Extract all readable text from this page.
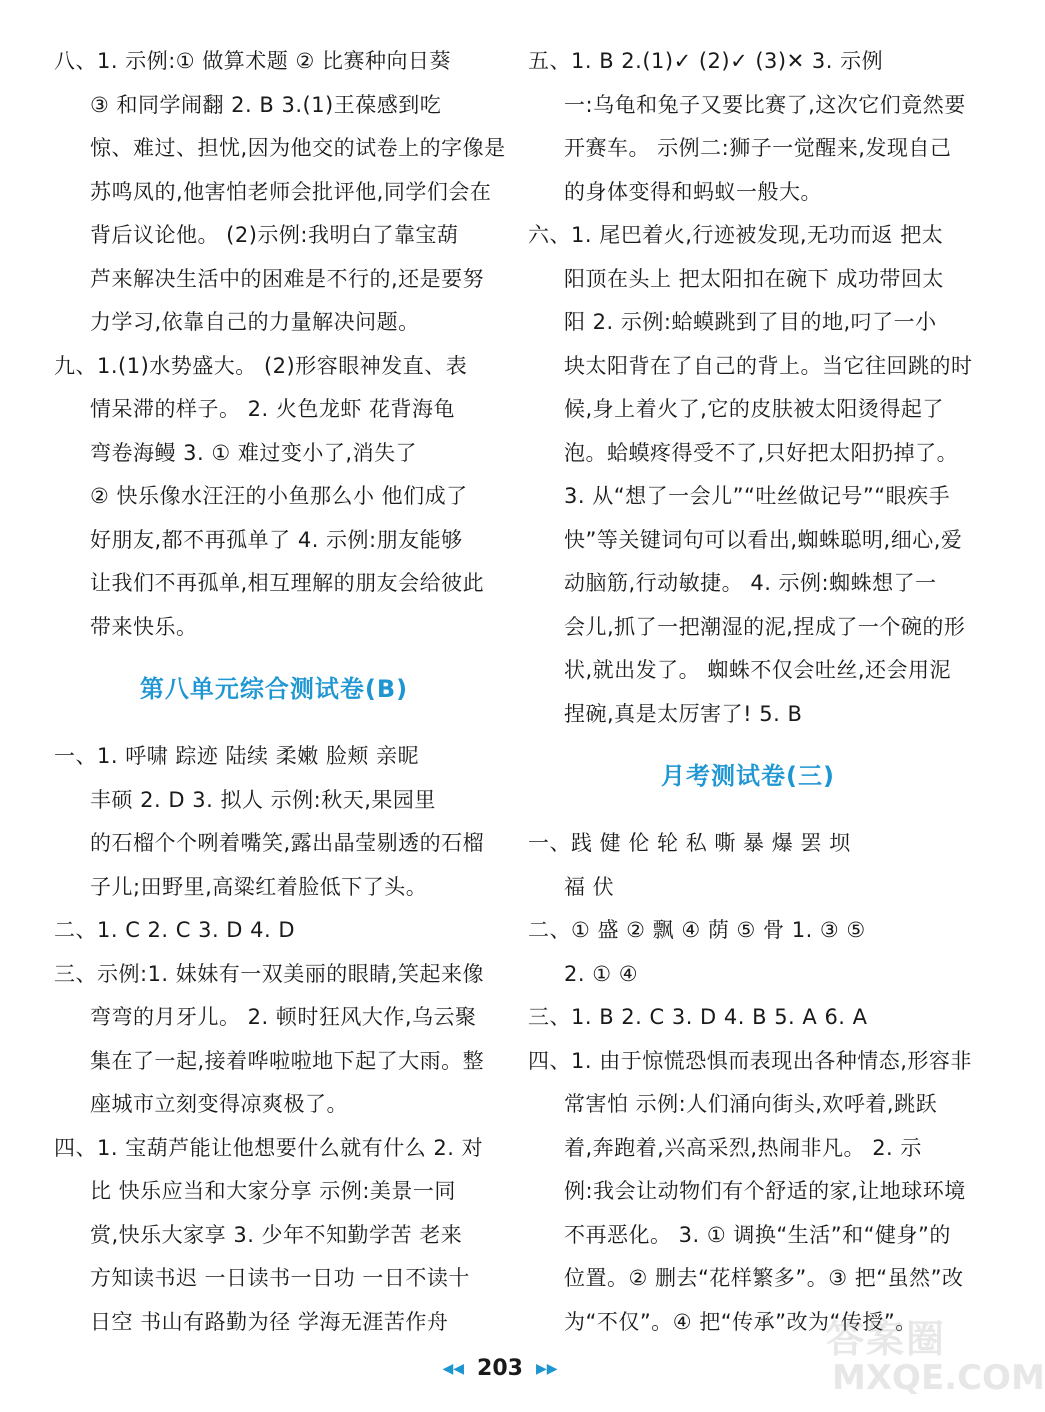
八、1. 示例:① 做算术题 ② 比赛种向日葵
③ 和同学闹翻 2. B 3.(1)王葆感到吃
惊、难过、担忧,因为他交的试卷上的字像是
苏鸣凤的,他害怕老师会批评他,同学们会在
背后议论他。 (2)示例:我明白了靠宝葫
芦来解决生活中的困难是不行的,还是要努
力学习,依靠自己的力量解决问题。
九、1.(1)水势盛大。 (2)形容眼神发直、表
情呆滞的样子。 2. 火色龙虾 花背海龟
弯卷海鳗 3. ① 难过变小了,消失了
② 快乐像水汪汪的小鱼那么小 他们成了
好朋友,都不再孤单了 4. 示例:朋友能够
让我们不再孤单,相互理解的朋友会给彼此
带来快乐。
第八单元综合测试卷(B)
一、1. 呼啸 踪迹 陆续 柔嫩 脸颊 亲昵
丰硕 2. D 3. 拟人 示例:秋天,果园里
的石榴个个咧着嘴笑,露出晶莹剔透的石榴
子儿;田野里,高粱红着脸低下了头。
二、1. C 2. C 3. D 4. D
三、示例:1. 妹妹有一双美丽的眼睛,笑起来像
弯弯的月牙儿。 2. 顿时狂风大作,乌云聚
集在了一起,接着哗啦啦地下起了大雨。整
座城市立刻变得凉爽极了。
四、1. 宝葫芦能让他想要什么就有什么 2. 对
比 快乐应当和大家分享 示例:美景一同
赏,快乐大家享 3. 少年不知勤学苦 老来
方知读书迟 一日读书一日功 一日不读十
日空 书山有路勤为径 学海无涯苦作舟
五、1. B 2.(1)✓ (2)✓ (3)✕ 3. 示例
一:乌龟和兔子又要比赛了,这次它们竟然要
开赛车。 示例二:狮子一觉醒来,发现自己
的身体变得和蚂蚁一般大。
六、1. 尾巴着火,行迹被发现,无功而返 把太
阳顶在头上 把太阳扣在碗下 成功带回太
阳 2. 示例:蛤蟆跳到了目的地,叼了一小
块太阳背在了自己的背上。当它往回跳的时
候,身上着火了,它的皮肤被太阳烫得起了
泡。蛤蟆疼得受不了,只好把太阳扔掉了。
3. 从“想了一会儿”“吐丝做记号”“眼疾手
快”等关键词句可以看出,蜘蛛聪明,细心,爱
动脑筋,行动敏捷。 4. 示例:蜘蛛想了一
会儿,抓了一把潮湿的泥,捏成了一个碗的形
状,就出发了。 蜘蛛不仅会吐丝,还会用泥
捏碗,真是太厉害了! 5. B
月考测试卷(三)
一、践 健 伦 轮 私 嘶 暴 爆 罢 坝
福 伏
二、① 盛 ② 飘 ④ 荫 ⑤ 骨 1. ③ ⑤
2. ① ④
三、1. B 2. C 3. D 4. B 5. A 6. A
四、1. 由于惊慌恐惧而表现出各种情态,形容非
常害怕 示例:人们涌向街头,欢呼着,跳跃
着,奔跑着,兴高采烈,热闹非凡。 2. 示
例:我会让动物们有个舒适的家,让地球环境
不再恶化。 3. ① 调换“生活”和“健身”的
位置。② 删去“花样繁多”。③ 把“虽然”改
为“不仅”。④ 把“传承”改为“传授”。
◀◀ 203 ▶▶
答案圈
MXQE.COM
